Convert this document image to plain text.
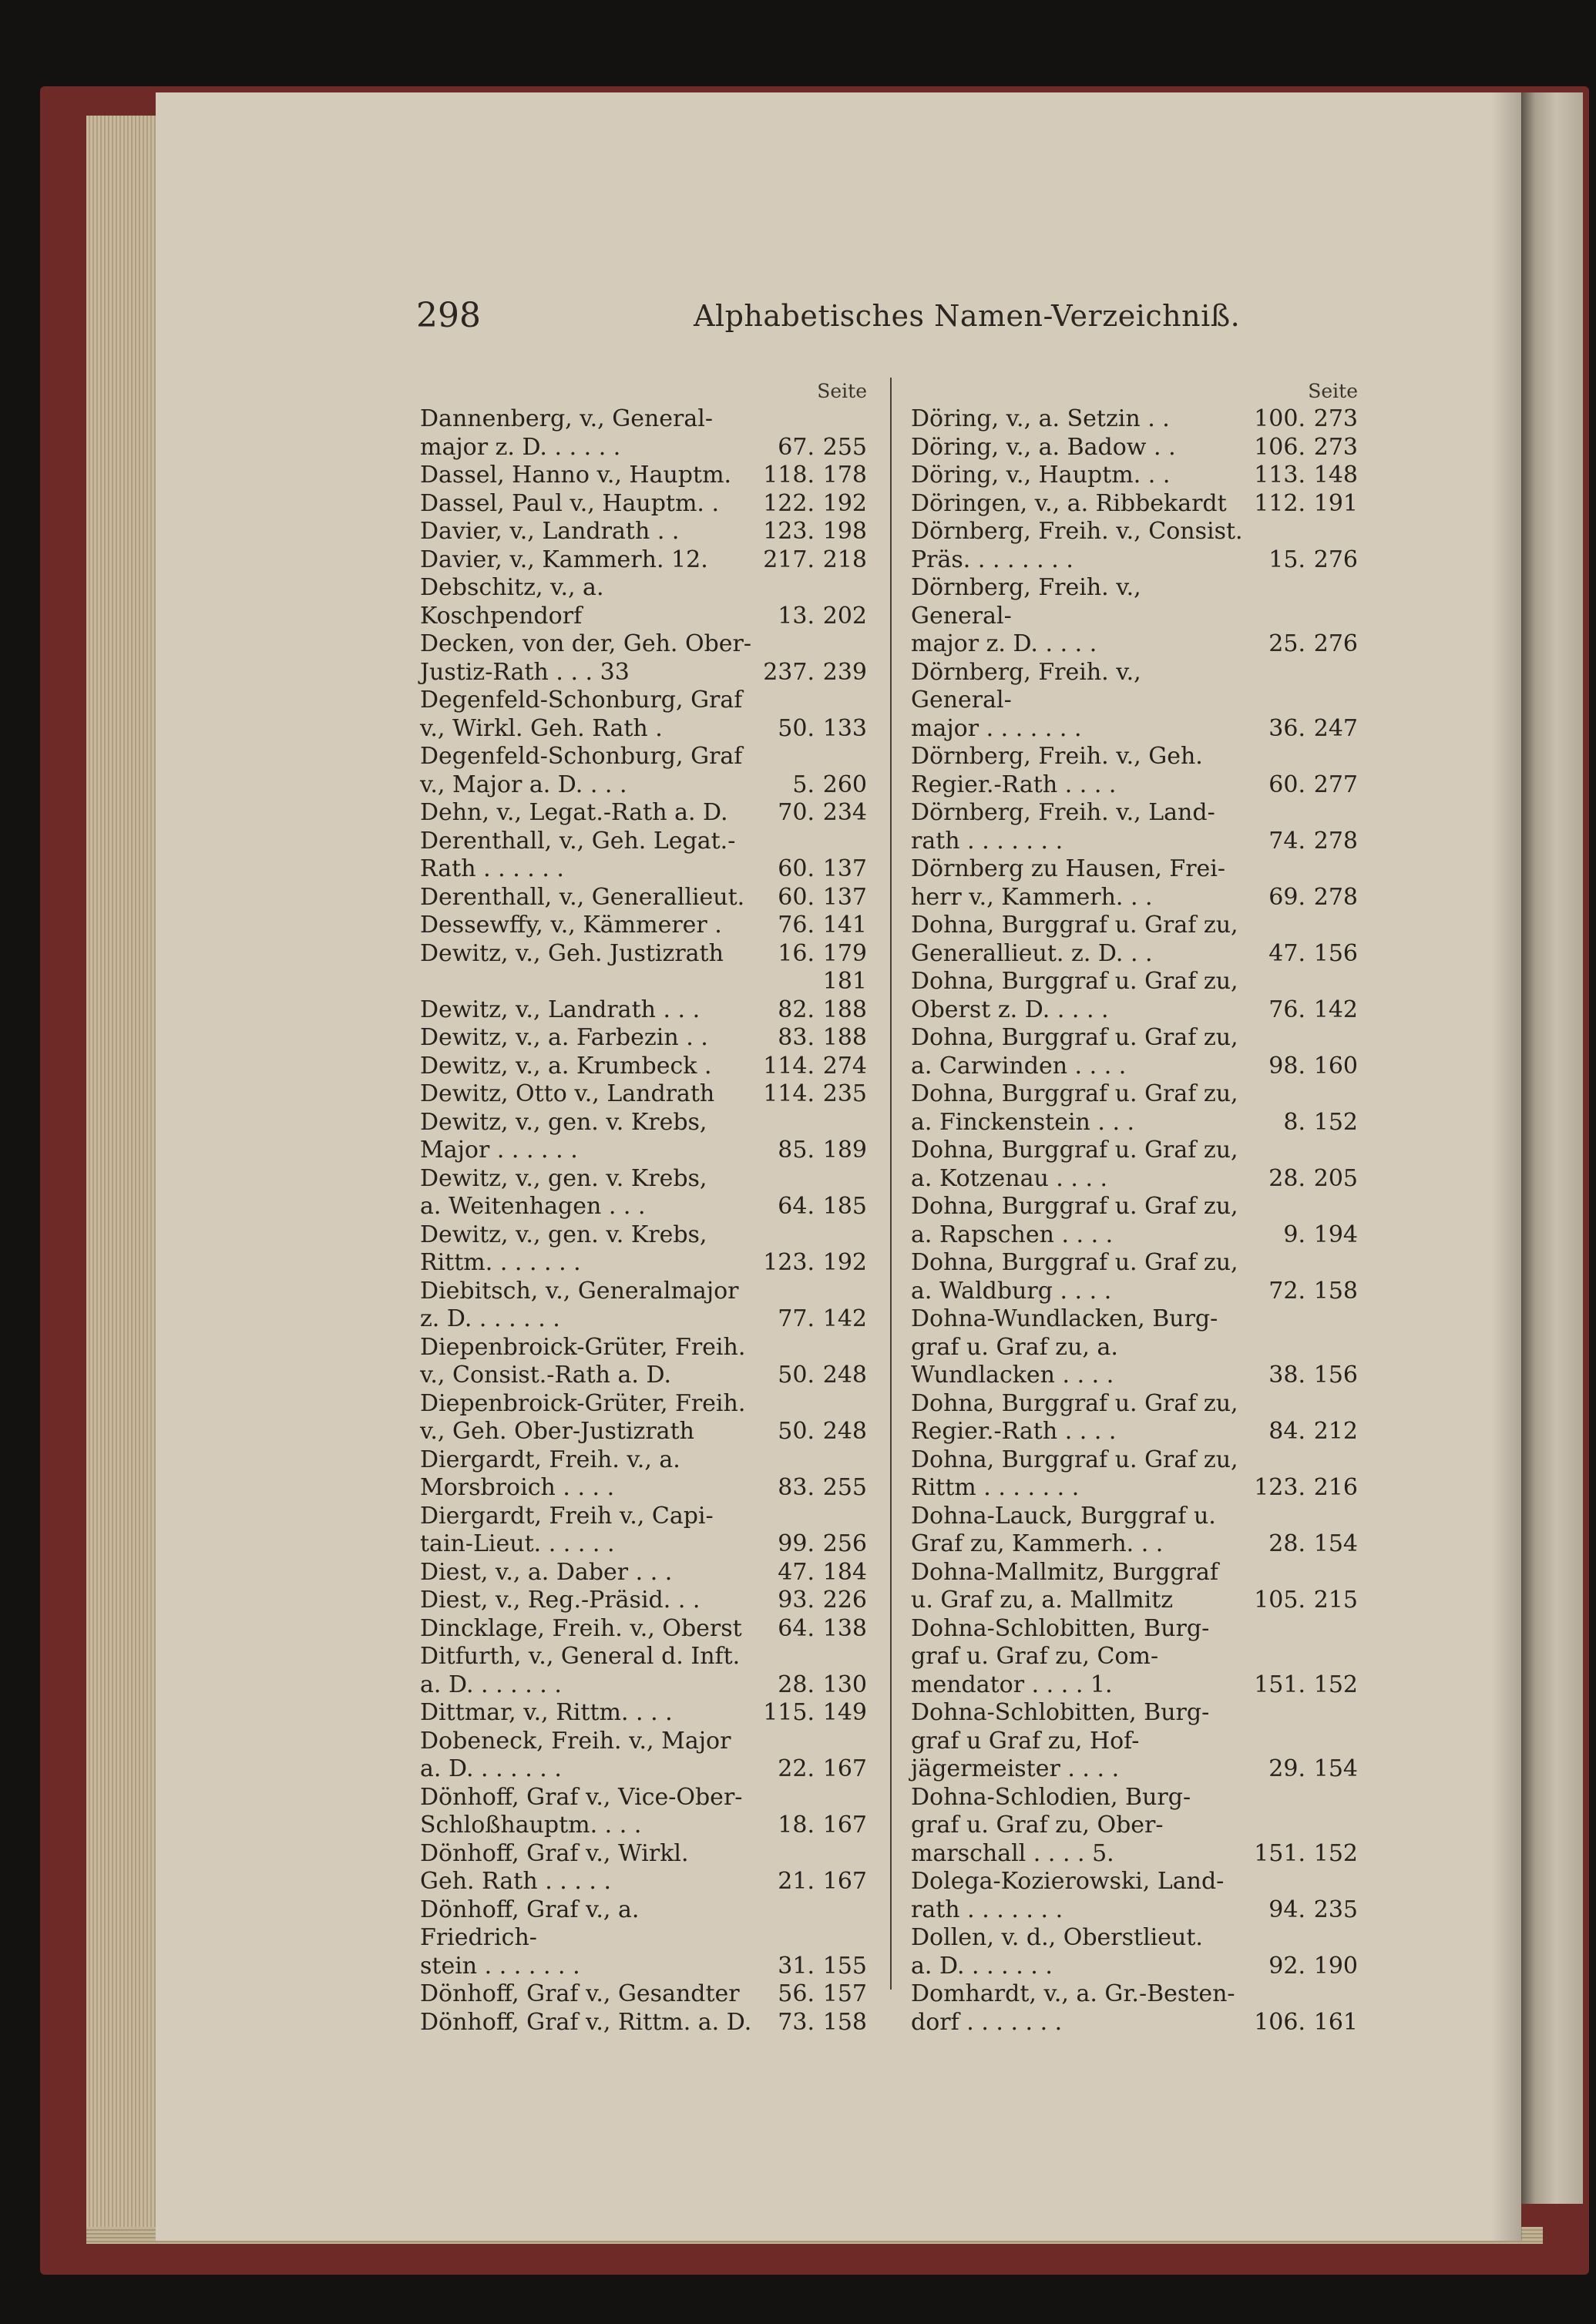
298	Alphabetisches Namen-Verzeichniß.
Seite
Dannenberg, v., General-
major z. D. . . . . .	67. 255
Dassel, Hanno v., Hauptm.	118. 178
Dassel, Paul v., Hauptm. .	122. 192
Davier, v., Landrath . .	123. 198
Davier, v., Kammerh. 12.	217. 218
Debschitz, v., a. Koschpendorf	13. 202
Decken, von der, Geh. Ober-
Justiz-Rath . . . 33	237. 239
Degenfeld-Schonburg, Graf
v., Wirkl. Geh. Rath .	50. 133
Degenfeld-Schonburg, Graf
v., Major a. D. . . .	5. 260
Dehn, v., Legat.-Rath a. D.	70. 234
Derenthall, v., Geh. Legat.-
Rath . . . . . .	60. 137
Derenthall, v., Generallieut.	60. 137
Dessewffy, v., Kämmerer .	76. 141
Dewitz, v., Geh. Justizrath	16. 179
181
Dewitz, v., Landrath . . .	82. 188
Dewitz, v., a. Farbezin . .	83. 188
Dewitz, v., a. Krumbeck .	114. 274
Dewitz, Otto v., Landrath	114. 235
Dewitz, v., gen. v. Krebs,
Major . . . . . .	85. 189
Dewitz, v., gen. v. Krebs,
a. Weitenhagen . . .	64. 185
Dewitz, v., gen. v. Krebs,
Rittm. . . . . . .	123. 192
Diebitsch, v., Generalmajor
z. D. . . . . . .	77. 142
Diepenbroick-Grüter, Freih.
v., Consist.-Rath a. D.	50. 248
Diepenbroick-Grüter, Freih.
v., Geh. Ober-Justizrath	50. 248
Diergardt, Freih. v., a.
Morsbroich . . . .	83. 255
Diergardt, Freih v., Capi-
tain-Lieut. . . . . .	99. 256
Diest, v., a. Daber . . .	47. 184
Diest, v., Reg.-Präsid. . .	93. 226
Dincklage, Freih. v., Oberst	64. 138
Ditfurth, v., General d. Inft.
a. D. . . . . . .	28. 130
Dittmar, v., Rittm. . . .	115. 149
Dobeneck, Freih. v., Major
a. D. . . . . . .	22. 167
Dönhoff, Graf v., Vice-Ober-
Schloßhauptm. . . .	18. 167
Dönhoff, Graf v., Wirkl.
Geh. Rath . . . . .	21. 167
Dönhoff, Graf v., a. Friedrich-
stein . . . . . . .	31. 155
Dönhoff, Graf v., Gesandter	56. 157
Dönhoff, Graf v., Rittm. a. D.	73. 158
Seite
Döring, v., a. Setzin . .	100. 273
Döring, v., a. Badow . .	106. 273
Döring, v., Hauptm. . .	113. 148
Döringen, v., a. Ribbekardt	112. 191
Dörnberg, Freih. v., Consist.
Präs. . . . . . . .	15. 276
Dörnberg, Freih. v., General-
major z. D. . . . .	25. 276
Dörnberg, Freih. v., General-
major . . . . . . .	36. 247
Dörnberg, Freih. v., Geh.
Regier.-Rath . . . .	60. 277
Dörnberg, Freih. v., Land-
rath . . . . . . .	74. 278
Dörnberg zu Hausen, Frei-
herr v., Kammerh. . .	69. 278
Dohna, Burggraf u. Graf zu,
Generallieut. z. D. . .	47. 156
Dohna, Burggraf u. Graf zu,
Oberst z. D. . . . .	76. 142
Dohna, Burggraf u. Graf zu,
a. Carwinden . . . .	98. 160
Dohna, Burggraf u. Graf zu,
a. Finckenstein . . .	8. 152
Dohna, Burggraf u. Graf zu,
a. Kotzenau . . . .	28. 205
Dohna, Burggraf u. Graf zu,
a. Rapschen . . . .	9. 194
Dohna, Burggraf u. Graf zu,
a. Waldburg . . . .	72. 158
Dohna-Wundlacken, Burg-
graf u. Graf zu, a.
Wundlacken . . . .	38. 156
Dohna, Burggraf u. Graf zu,
Regier.-Rath . . . .	84. 212
Dohna, Burggraf u. Graf zu,
Rittm . . . . . . .	123. 216
Dohna-Lauck, Burggraf u.
Graf zu, Kammerh. . .	28. 154
Dohna-Mallmitz, Burggraf
u. Graf zu, a. Mallmitz	105. 215
Dohna-Schlobitten, Burg-
graf u. Graf zu, Com-
mendator . . . . 1.	151. 152
Dohna-Schlobitten, Burg-
graf u Graf zu, Hof-
jägermeister . . . .	29. 154
Dohna-Schlodien, Burg-
graf u. Graf zu, Ober-
marschall . . . . 5.	151. 152
Dolega-Kozierowski, Land-
rath . . . . . . .	94. 235
Dollen, v. d., Oberstlieut.
a. D. . . . . . .	92. 190
Domhardt, v., a. Gr.-Besten-
dorf . . . . . . .	106. 161
